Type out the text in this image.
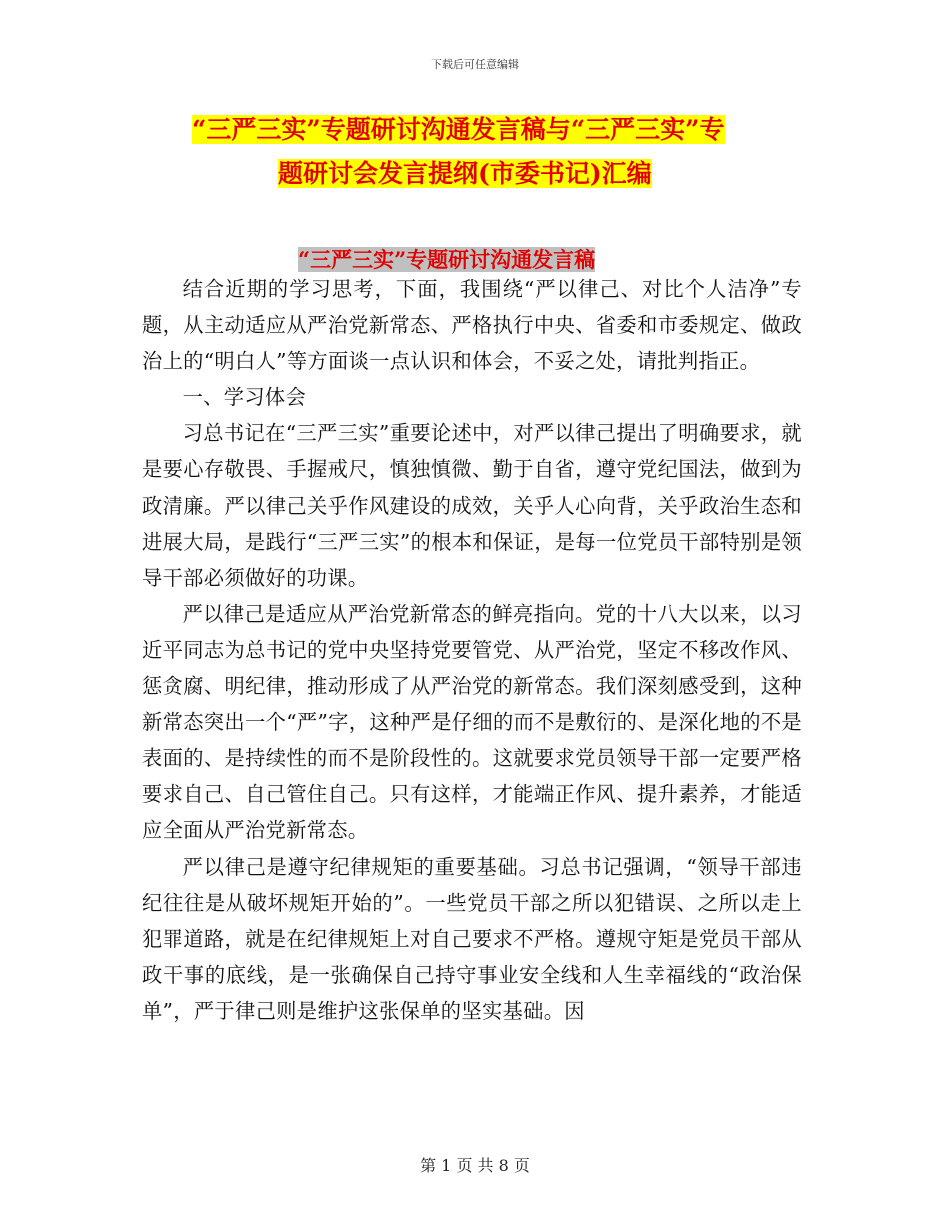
下载后可任意编辑
“三严三实”专题研讨沟通发言稿与“三严三实”专
题研讨会发言提纲(市委书记)汇编
“三严三实”专题研讨沟通发言稿

结合近期的学习思考，下面，我围绕“严以律己、对比个人洁净”专题，从主动适应从严治党新常态、严格执行中央、省委和市委规定、做政治上的“明白人”等方面谈一点认识和体会，不妥之处，请批判指正。

一、学习体会

习总书记在“三严三实”重要论述中，对严以律己提出了明确要求，就是要心存敬畏、手握戒尺，慎独慎微、勤于自省，遵守党纪国法，做到为政清廉。严以律己关乎作风建设的成效，关乎人心向背，关乎政治生态和进展大局，是践行“三严三实”的根本和保证，是每一位党员干部特别是领导干部必须做好的功课。

严以律己是适应从严治党新常态的鲜亮指向。党的十八大以来，以习近平同志为总书记的党中央坚持党要管党、从严治党，坚定不移改作风、惩贪腐、明纪律，推动形成了从严治党的新常态。我们深刻感受到，这种新常态突出一个“严”字，这种严是仔细的而不是敷衍的、是深化地的不是表面的、是持续性的而不是阶段性的。这就要求党员领导干部一定要严格要求自己、自己管住自己。只有这样，才能端正作风、提升素养，才能适应全面从严治党新常态。

严以律己是遵守纪律规矩的重要基础。习总书记强调，“领导干部违纪往往是从破坏规矩开始的”。一些党员干部之所以犯错误、之所以走上犯罪道路，就是在纪律规矩上对自己要求不严格。遵规守矩是党员干部从政干事的底线，是一张确保自己持守事业安全线和人生幸福线的“政治保单”，严于律己则是维护这张保单的坚实基础。因

第 1 页 共 8 页
